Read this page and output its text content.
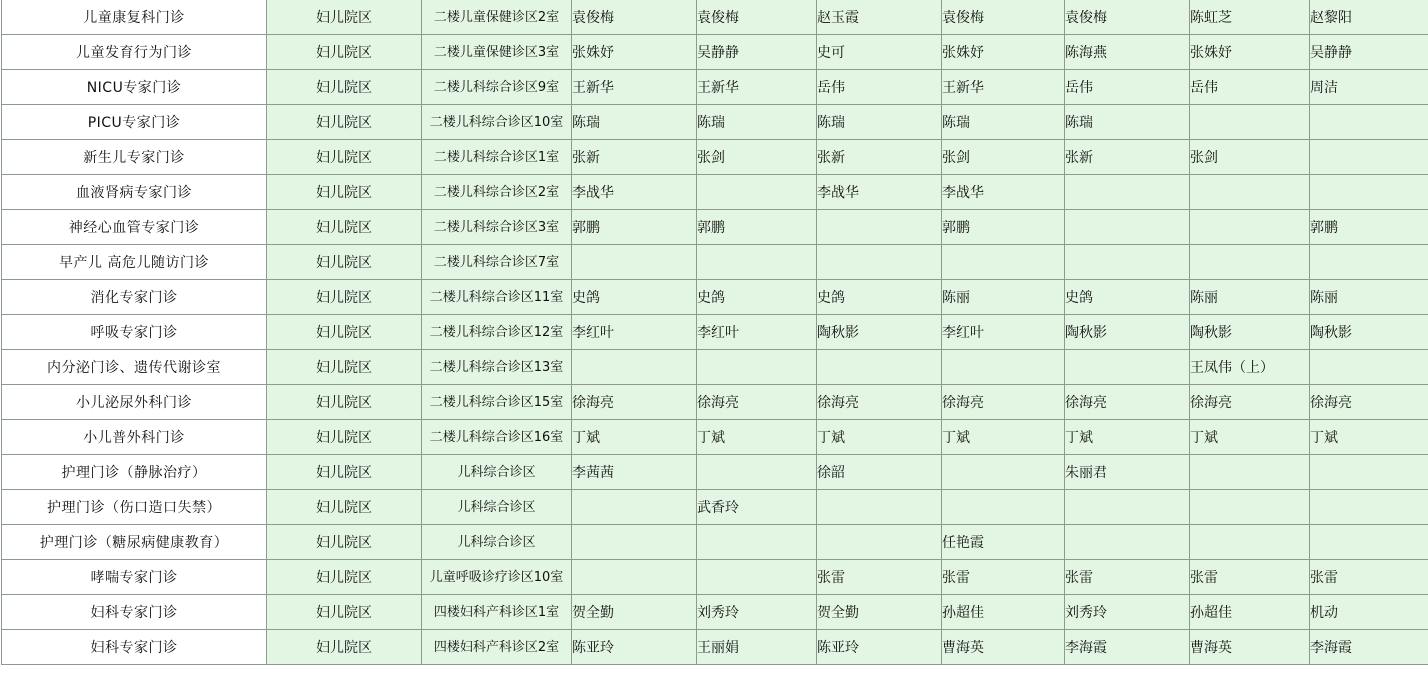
儿童康复科门诊	妇儿院区	二楼儿童保健诊区2室	袁俊梅	袁俊梅	赵玉霞	袁俊梅	袁俊梅	陈虹芝	赵黎阳
儿童发育行为门诊	妇儿院区	二楼儿童保健诊区3室	张姝妤	吴静静	史可	张姝妤	陈海燕	张姝妤	吴静静
NICU专家门诊	妇儿院区	二楼儿科综合诊区9室	王新华	王新华	岳伟	王新华	岳伟	岳伟	周洁
PICU专家门诊	妇儿院区	二楼儿科综合诊区10室	陈瑞	陈瑞	陈瑞	陈瑞	陈瑞		
新生儿专家门诊	妇儿院区	二楼儿科综合诊区1室	张新	张剑	张新	张剑	张新	张剑	
血液肾病专家门诊	妇儿院区	二楼儿科综合诊区2室	李战华		李战华	李战华			
神经心血管专家门诊	妇儿院区	二楼儿科综合诊区3室	郭鹏	郭鹏		郭鹏			郭鹏
早产儿 高危儿随访门诊	妇儿院区	二楼儿科综合诊区7室							
消化专家门诊	妇儿院区	二楼儿科综合诊区11室	史鸽	史鸽	史鸽	陈丽	史鸽	陈丽	陈丽
呼吸专家门诊	妇儿院区	二楼儿科综合诊区12室	李红叶	李红叶	陶秋影	李红叶	陶秋影	陶秋影	陶秋影
内分泌门诊、遗传代谢诊室	妇儿院区	二楼儿科综合诊区13室						王凤伟（上）	
小儿泌尿外科门诊	妇儿院区	二楼儿科综合诊区15室	徐海亮	徐海亮	徐海亮	徐海亮	徐海亮	徐海亮	徐海亮
小儿普外科门诊	妇儿院区	二楼儿科综合诊区16室	丁斌	丁斌	丁斌	丁斌	丁斌	丁斌	丁斌
护理门诊（静脉治疗）	妇儿院区	儿科综合诊区	李茜茜		徐韶		朱丽君		
护理门诊（伤口造口失禁）	妇儿院区	儿科综合诊区		武香玲					
护理门诊（糖尿病健康教育）	妇儿院区	儿科综合诊区				任艳霞			
哮喘专家门诊	妇儿院区	儿童呼吸诊疗诊区10室			张雷	张雷	张雷	张雷	张雷
妇科专家门诊	妇儿院区	四楼妇科产科诊区1室	贺全勤	刘秀玲	贺全勤	孙超佳	刘秀玲	孙超佳	机动
妇科专家门诊	妇儿院区	四楼妇科产科诊区2室	陈亚玲	王丽娟	陈亚玲	曹海英	李海霞	曹海英	李海霞
